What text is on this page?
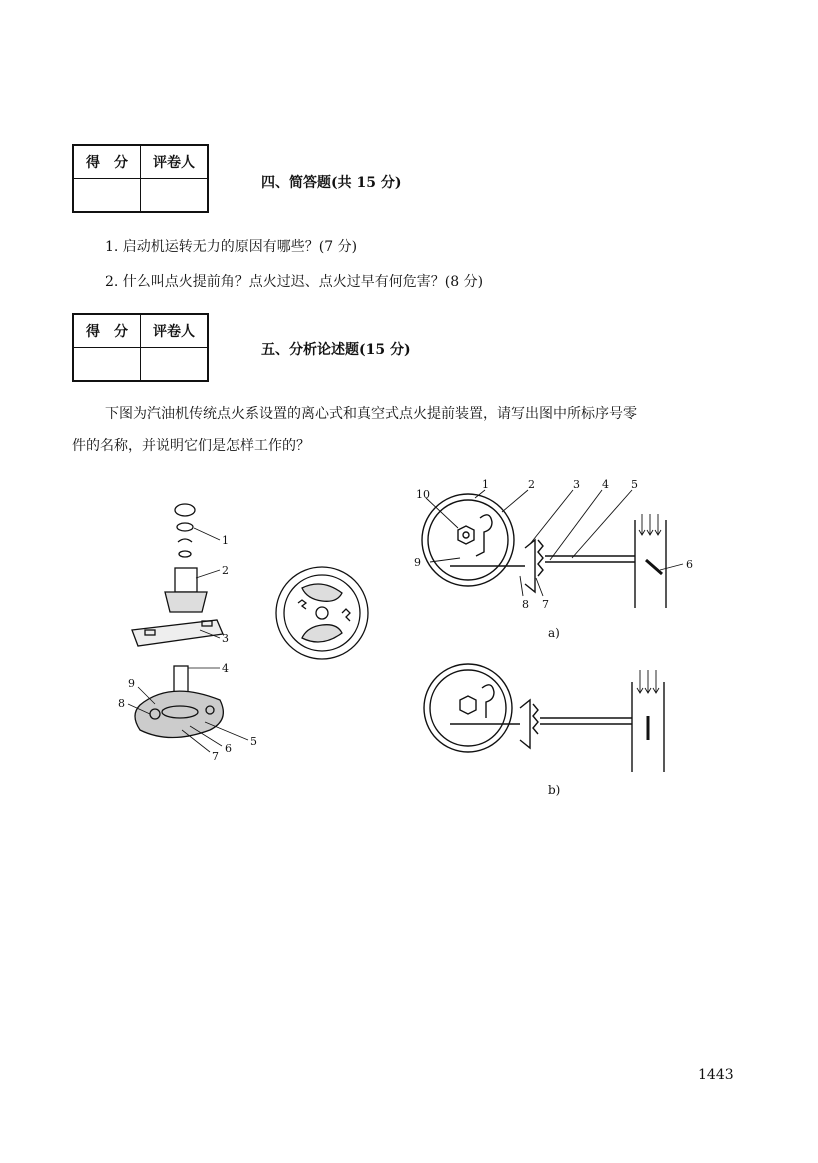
得　分	评卷人

四、简答题(共 15 分)
1. 启动机运转无力的原因有哪些？(7 分)
2. 什么叫点火提前角？点火过迟、点火过早有何危害？(8 分)
得　分	评卷人

五、分析论述题(15 分)
下图为汽油机传统点火系设置的离心式和真空式点火提前装置，请写出图中所标序号零
件的名称，并说明它们是怎样工作的？
1
2
3
4
9
8
7
6
5
1	2	3 4 5
10
9
8 7
6
a)
b)
1443
